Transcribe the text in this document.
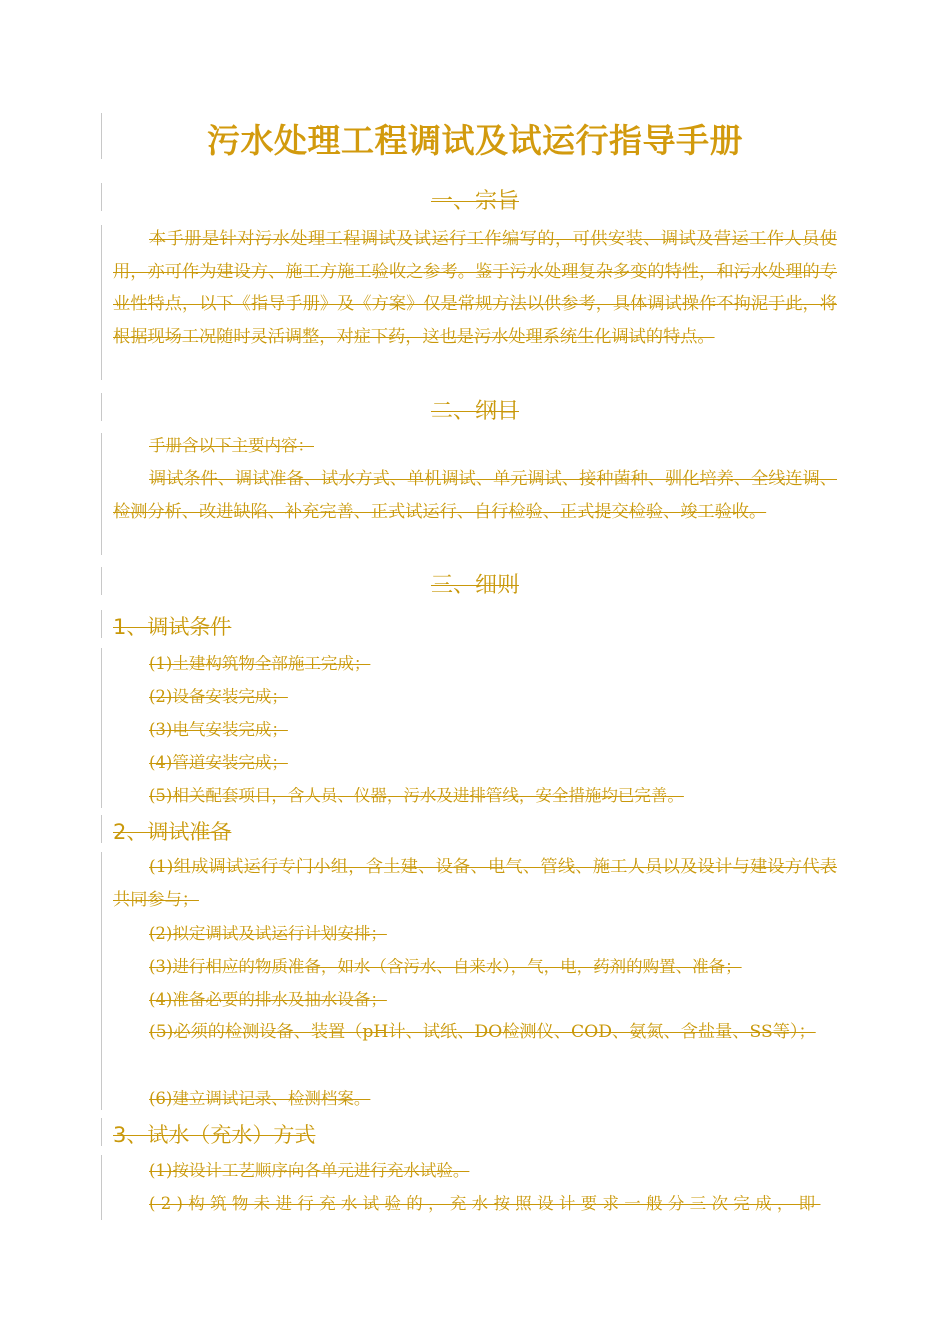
污水处理工程调试及试运行指导手册
一、宗旨
本手册是针对污水处理工程调试及试运行工作编写的，可供安装、调试及营运工作人员使用，亦可作为建设方、施工方施工验收之参考。鉴于污水处理复杂多变的特性，和污水处理的专业性特点，以下《指导手册》及《方案》仅是常规方法以供参考，具体调试操作不拘泥于此，将根据现场工况随时灵活调整，对症下药，这也是污水处理系统生化调试的特点。
二、纲目
手册含以下主要内容：
调试条件、调试准备、试水方式、单机调试、单元调试、接种菌种、驯化培养、全线连调、检测分析、改进缺陷、补充完善、正式试运行、自行检验、正式提交检验、竣工验收。
三、细则
1、调试条件
(1)土建构筑物全部施工完成；
(2)设备安装完成；
(3)电气安装完成；
(4)管道安装完成；
(5)相关配套项目，含人员、仪器，污水及进排管线，安全措施均已完善。
2、调试准备
(1)组成调试运行专门小组，含土建、设备、电气、管线、施工人员以及设计与建设方代表共同参与；
(2)拟定调试及试运行计划安排；
(3)进行相应的物质准备，如水（含污水、自来水），气，电，药剂的购置、准备；
(4)准备必要的排水及抽水设备；
(5)必须的检测设备、装置（pH计、试纸、DO检测仪、COD、氨氮、含盐量、SS等）；
(6)建立调试记录、检测档案。
3、试水（充水）方式
(1)按设计工艺顺序向各单元进行充水试验。
(2)构筑物未进行充水试验的，充水按照设计要求一般分三次完成，即
